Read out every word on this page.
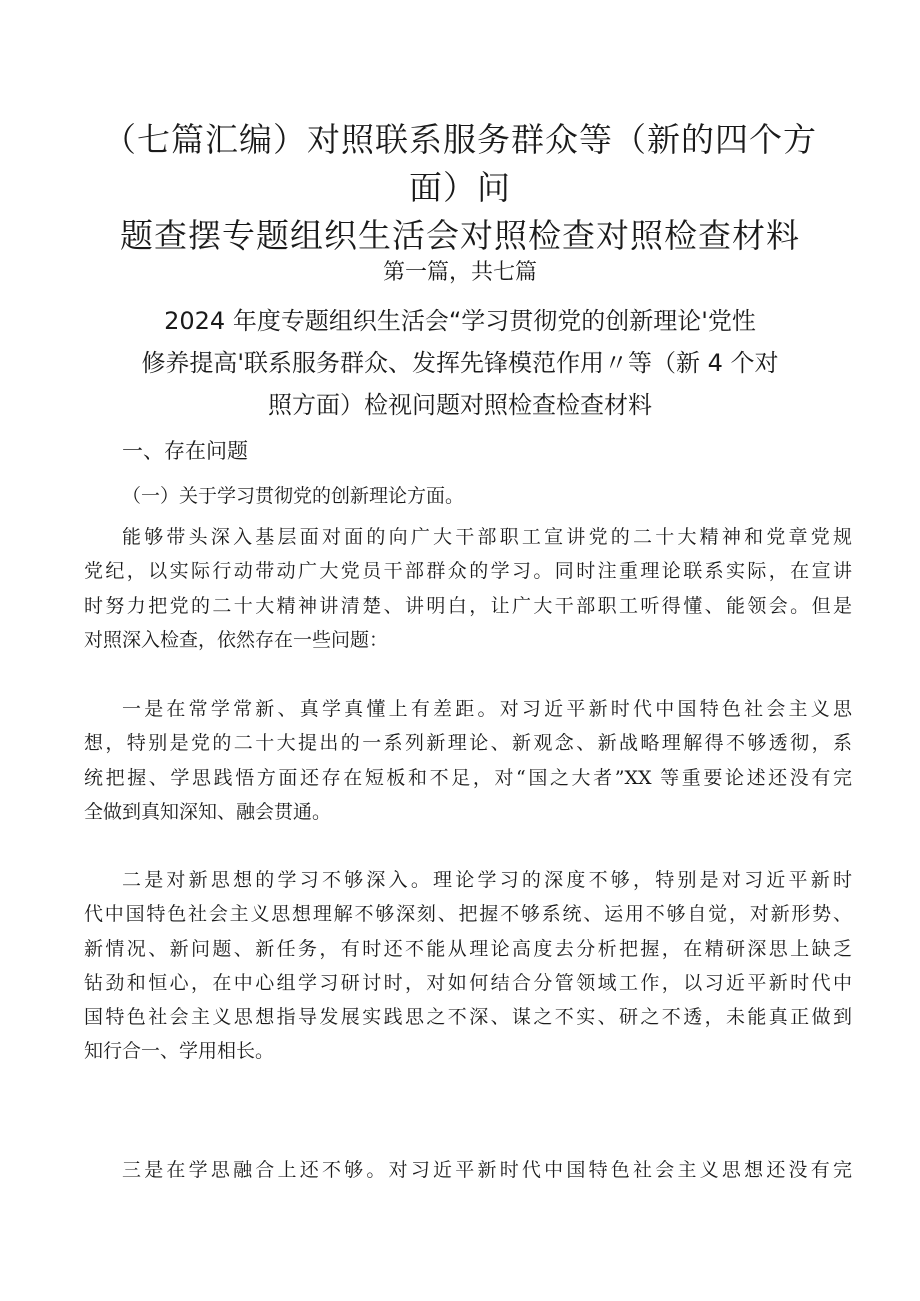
（七篇汇编）对照联系服务群众等（新的四个方面）问
题查摆专题组织生活会对照检查对照检查材料

第一篇，共七篇

2024 年度专题组织生活会“学习贯彻党的创新理论'党性
修养提高'联系服务群众、发挥先锋模范作用〃等（新 4 个对
照方面）检视问题对照检查检查材料
一、存在问题

（一）关于学习贯彻党的创新理论方面。

能够带头深入基层面对面的向广大干部职工宣讲党的二十大精神和党章党规
党纪，以实际行动带动广大党员干部群众的学习。同时注重理论联系实际，在宣讲
时努力把党的二十大精神讲清楚、讲明白，让广大干部职工听得懂、能领会。但是
对照深入检查，依然存在一些问题：

一是在常学常新、真学真懂上有差距。对习近平新时代中国特色社会主义思
想，特别是党的二十大提出的一系列新理论、新观念、新战略理解得不够透彻，系
统把握、学思践悟方面还存在短板和不足，对“国之大者”XX 等重要论述还没有完
全做到真知深知、融会贯通。

二是对新思想的学习不够深入。理论学习的深度不够，特别是对习近平新时
代中国特色社会主义思想理解不够深刻、把握不够系统、运用不够自觉，对新形势、
新情况、新问题、新任务，有时还不能从理论高度去分析把握，在精研深思上缺乏
钻劲和恒心，在中心组学习研讨时，对如何结合分管领域工作，以习近平新时代中
国特色社会主义思想指导发展实践思之不深、谋之不实、研之不透，未能真正做到
知行合一、学用相长。

三是在学思融合上还不够。对习近平新时代中国特色社会主义思想还没有完
